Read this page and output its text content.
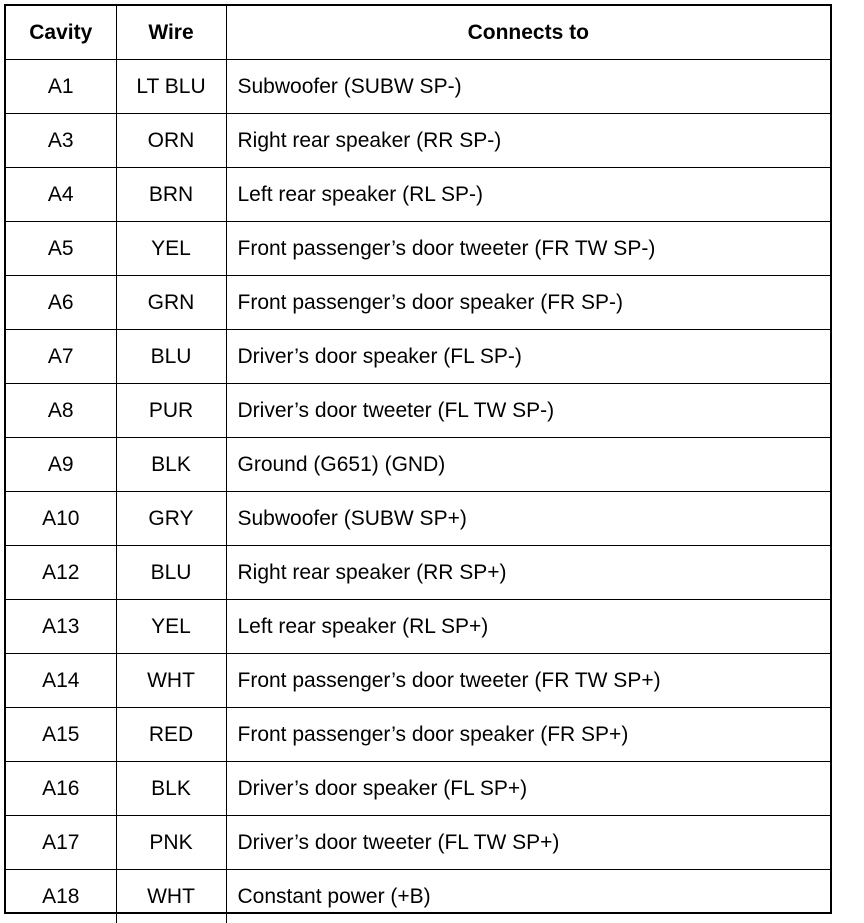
Cavity	Wire	Connects to
A1	LT BLU	Subwoofer (SUBW SP-)
A3	ORN	Right rear speaker (RR SP-)
A4	BRN	Left rear speaker (RL SP-)
A5	YEL	Front passenger’s door tweeter (FR TW SP-)
A6	GRN	Front passenger’s door speaker (FR SP-)
A7	BLU	Driver’s door speaker (FL SP-)
A8	PUR	Driver’s door tweeter (FL TW SP-)
A9	BLK	Ground (G651) (GND)
A10	GRY	Subwoofer (SUBW SP+)
A12	BLU	Right rear speaker (RR SP+)
A13	YEL	Left rear speaker (RL SP+)
A14	WHT	Front passenger’s door tweeter (FR TW SP+)
A15	RED	Front passenger’s door speaker (FR SP+)
A16	BLK	Driver’s door speaker (FL SP+)
A17	PNK	Driver’s door tweeter (FL TW SP+)
A18	WHT	Constant power (+B)
